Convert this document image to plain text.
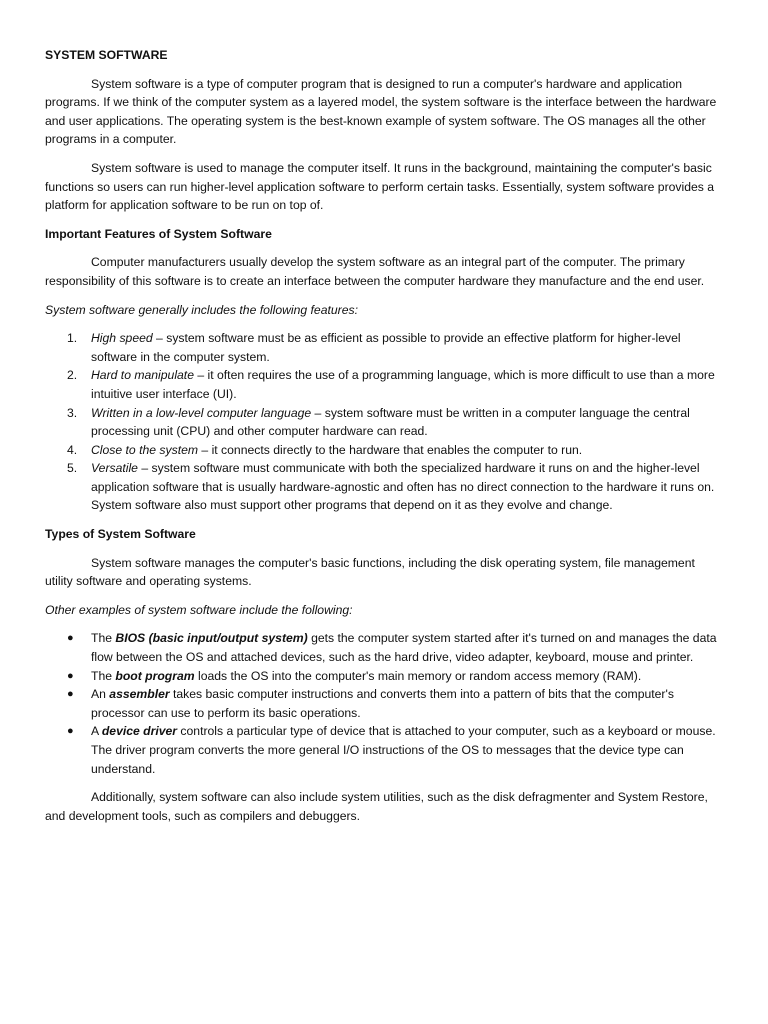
SYSTEM SOFTWARE

System software is a type of computer program that is designed to run a computer's hardware and application programs. If we think of the computer system as a layered model, the system software is the interface between the hardware and user applications. The operating system is the best-known example of system software. The OS manages all the other programs in a computer.

System software is used to manage the computer itself. It runs in the background, maintaining the computer's basic functions so users can run higher-level application software to perform certain tasks. Essentially, system software provides a platform for application software to be run on top of.

Important Features of System Software

Computer manufacturers usually develop the system software as an integral part of the computer. The primary responsibility of this software is to create an interface between the computer hardware they manufacture and the end user.

System software generally includes the following features:

1.	High speed – system software must be as efficient as possible to provide an effective platform for higher-level software in the computer system.
2.	Hard to manipulate – it often requires the use of a programming language, which is more difficult to use than a more intuitive user interface (UI).
3.	Written in a low-level computer language – system software must be written in a computer language the central processing unit (CPU) and other computer hardware can read.
4.	Close to the system – it connects directly to the hardware that enables the computer to run.
5.	Versatile – system software must communicate with both the specialized hardware it runs on and the higher-level application software that is usually hardware-agnostic and often has no direct connection to the hardware it runs on. System software also must support other programs that depend on it as they evolve and change.
Types of System Software

System software manages the computer's basic functions, including the disk operating system, file management utility software and operating systems.

Other examples of system software include the following:

● The BIOS (basic input/output system) gets the computer system started after it's turned on and manages the data flow between the OS and attached devices, such as the hard drive, video adapter, keyboard, mouse and printer.
● The boot program loads the OS into the computer's main memory or random access memory (RAM).
● An assembler takes basic computer instructions and converts them into a pattern of bits that the computer's processor can use to perform its basic operations.
● A device driver controls a particular type of device that is attached to your computer, such as a keyboard or mouse. The driver program converts the more general I/O instructions of the OS to messages that the device type can understand.

Additionally, system software can also include system utilities, such as the disk defragmenter and System Restore, and development tools, such as compilers and debuggers.
